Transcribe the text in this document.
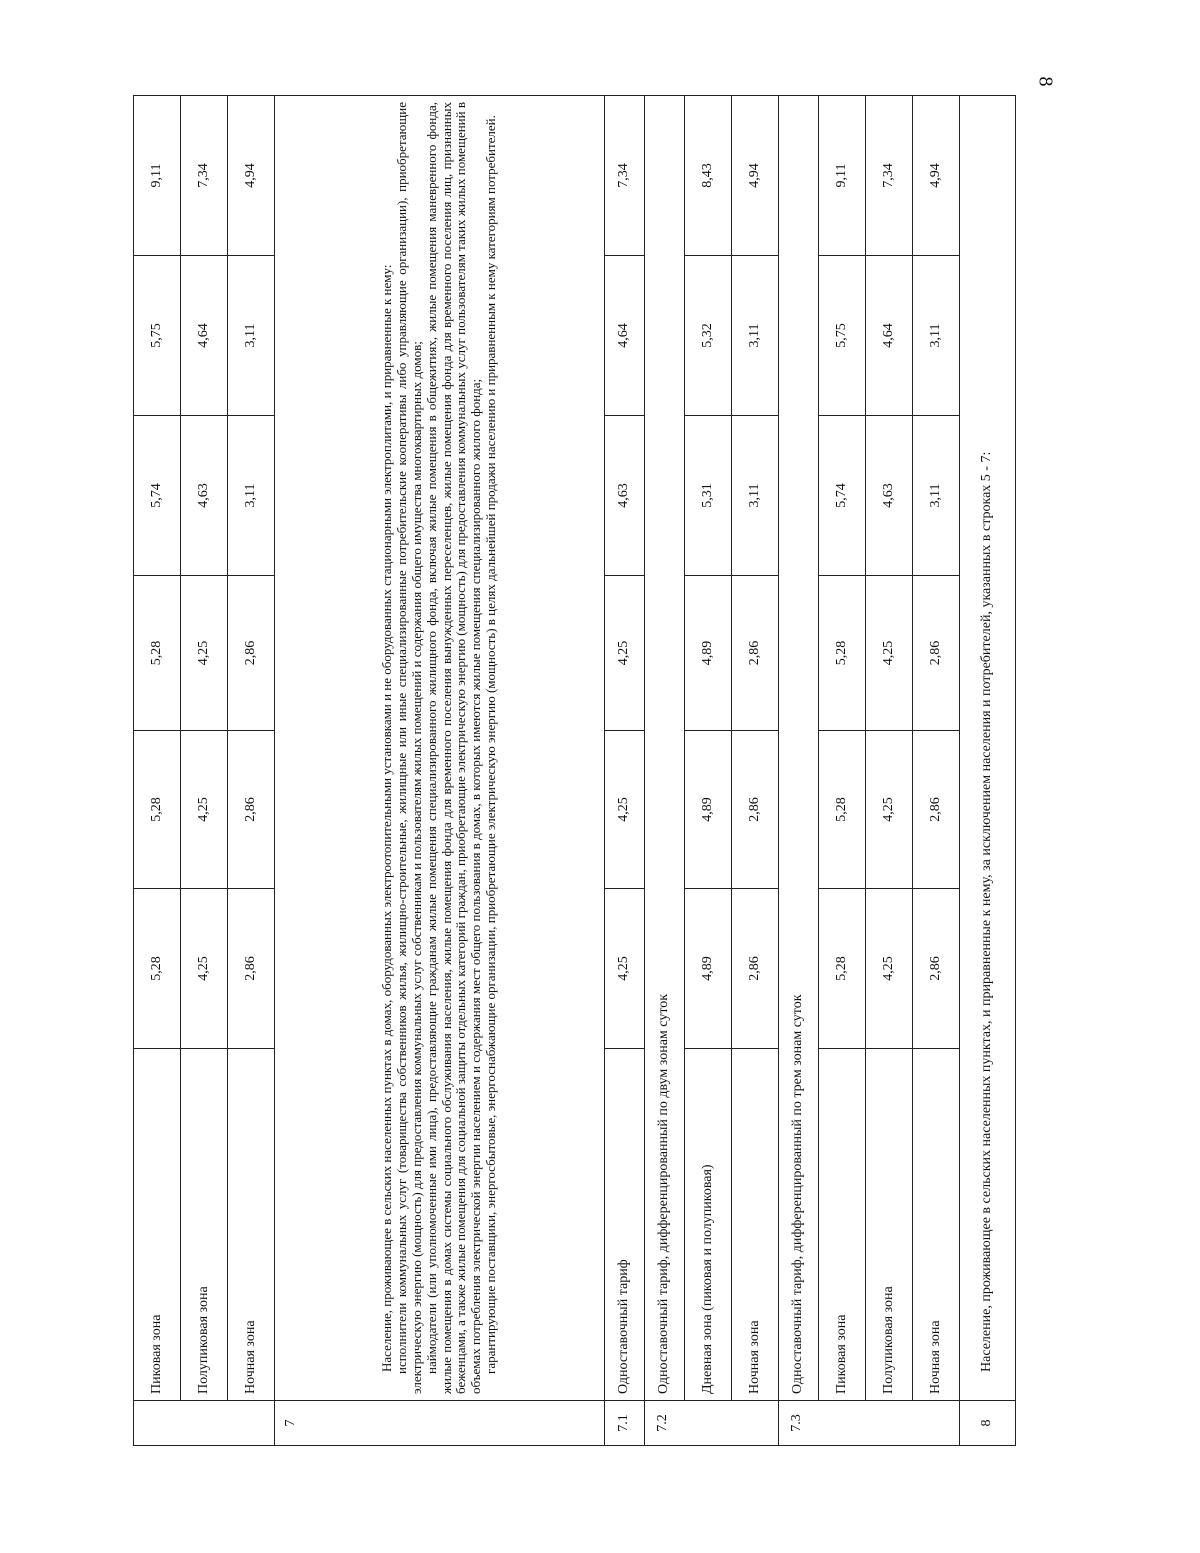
8
	Пиковая зона	5,28	5,28	5,28	5,74	5,75	9,11
	Полупиковая зона	4,25	4,25	4,25	4,63	4,64	7,34
	Ночная зона	2,86	2,86	2,86	3,11	3,11	4,94
7	Население, проживающее в сельских населенных пунктах в домах, оборудованных электроотопительными установками и не оборудованных стационарными электроплитами, и приравненные к нему: исполнители коммунальных услуг (товарищества собственников жилья, жилищно-строительные, жилищные или иные специализированные потребительские кооперативы либо управляющие организации), приобретающие электрическую энергию (мощность) для предоставления коммунальных услуг собственникам и пользователям жилых помещений и содержания общего имущества многоквартирных домов; наймодатели (или уполномоченные ими лица), предоставляющие гражданам жилые помещения специализированного жилищного фонда, включая жилые помещения в общежитиях, жилые помещения маневренного фонда, жилые помещения в домах системы социального обслуживания населения, жилые помещения фонда для временного поселения вынужденных переселенцев, жилые помещения фонда для временного поселения лиц, признанных беженцами, а также жилые помещения для социальной защиты отдельных категорий граждан, приобретающие электрическую энергию (мощность) для предоставления коммунальных услуг пользователям таких жилых помещений в объемах потребления электрической энергии населением и содержания мест общего пользования в домах, в которых имеются жилые помещения специализированного жилого фонда; гарантирующие поставщики, энергосбытовые, энергоснабжающие организации, приобретающие электрическую энергию (мощность) в целях дальнейшей продажи населению и приравненным к нему категориям потребителей.						

7.1	Одноставочный тариф	4,25	4,25	4,25	4,63	4,64	7,34
7.2	Одноставочный тариф, дифференцированный по двум зонам суток						
	Дневная зона (пиковая и полупиковая)	4,89	4,89	4,89	5,31	5,32	8,43
	Ночная зона	2,86	2,86	2,86	3,11	3,11	4,94
7.3	Одноставочный тариф, дифференцированный по трем зонам суток						
	Пиковая зона	5,28	5,28	5,28	5,74	5,75	9,11
	Полупиковая зона	4,25	4,25	4,25	4,63	4,64	7,34
	Ночная зона	2,86	2,86	2,86	3,11	3,11	4,94
8	Население, проживающее в сельских населенных пунктах, и приравненные к нему, за исключением населения и потребителей, указанных в строках 5 - 7:						
